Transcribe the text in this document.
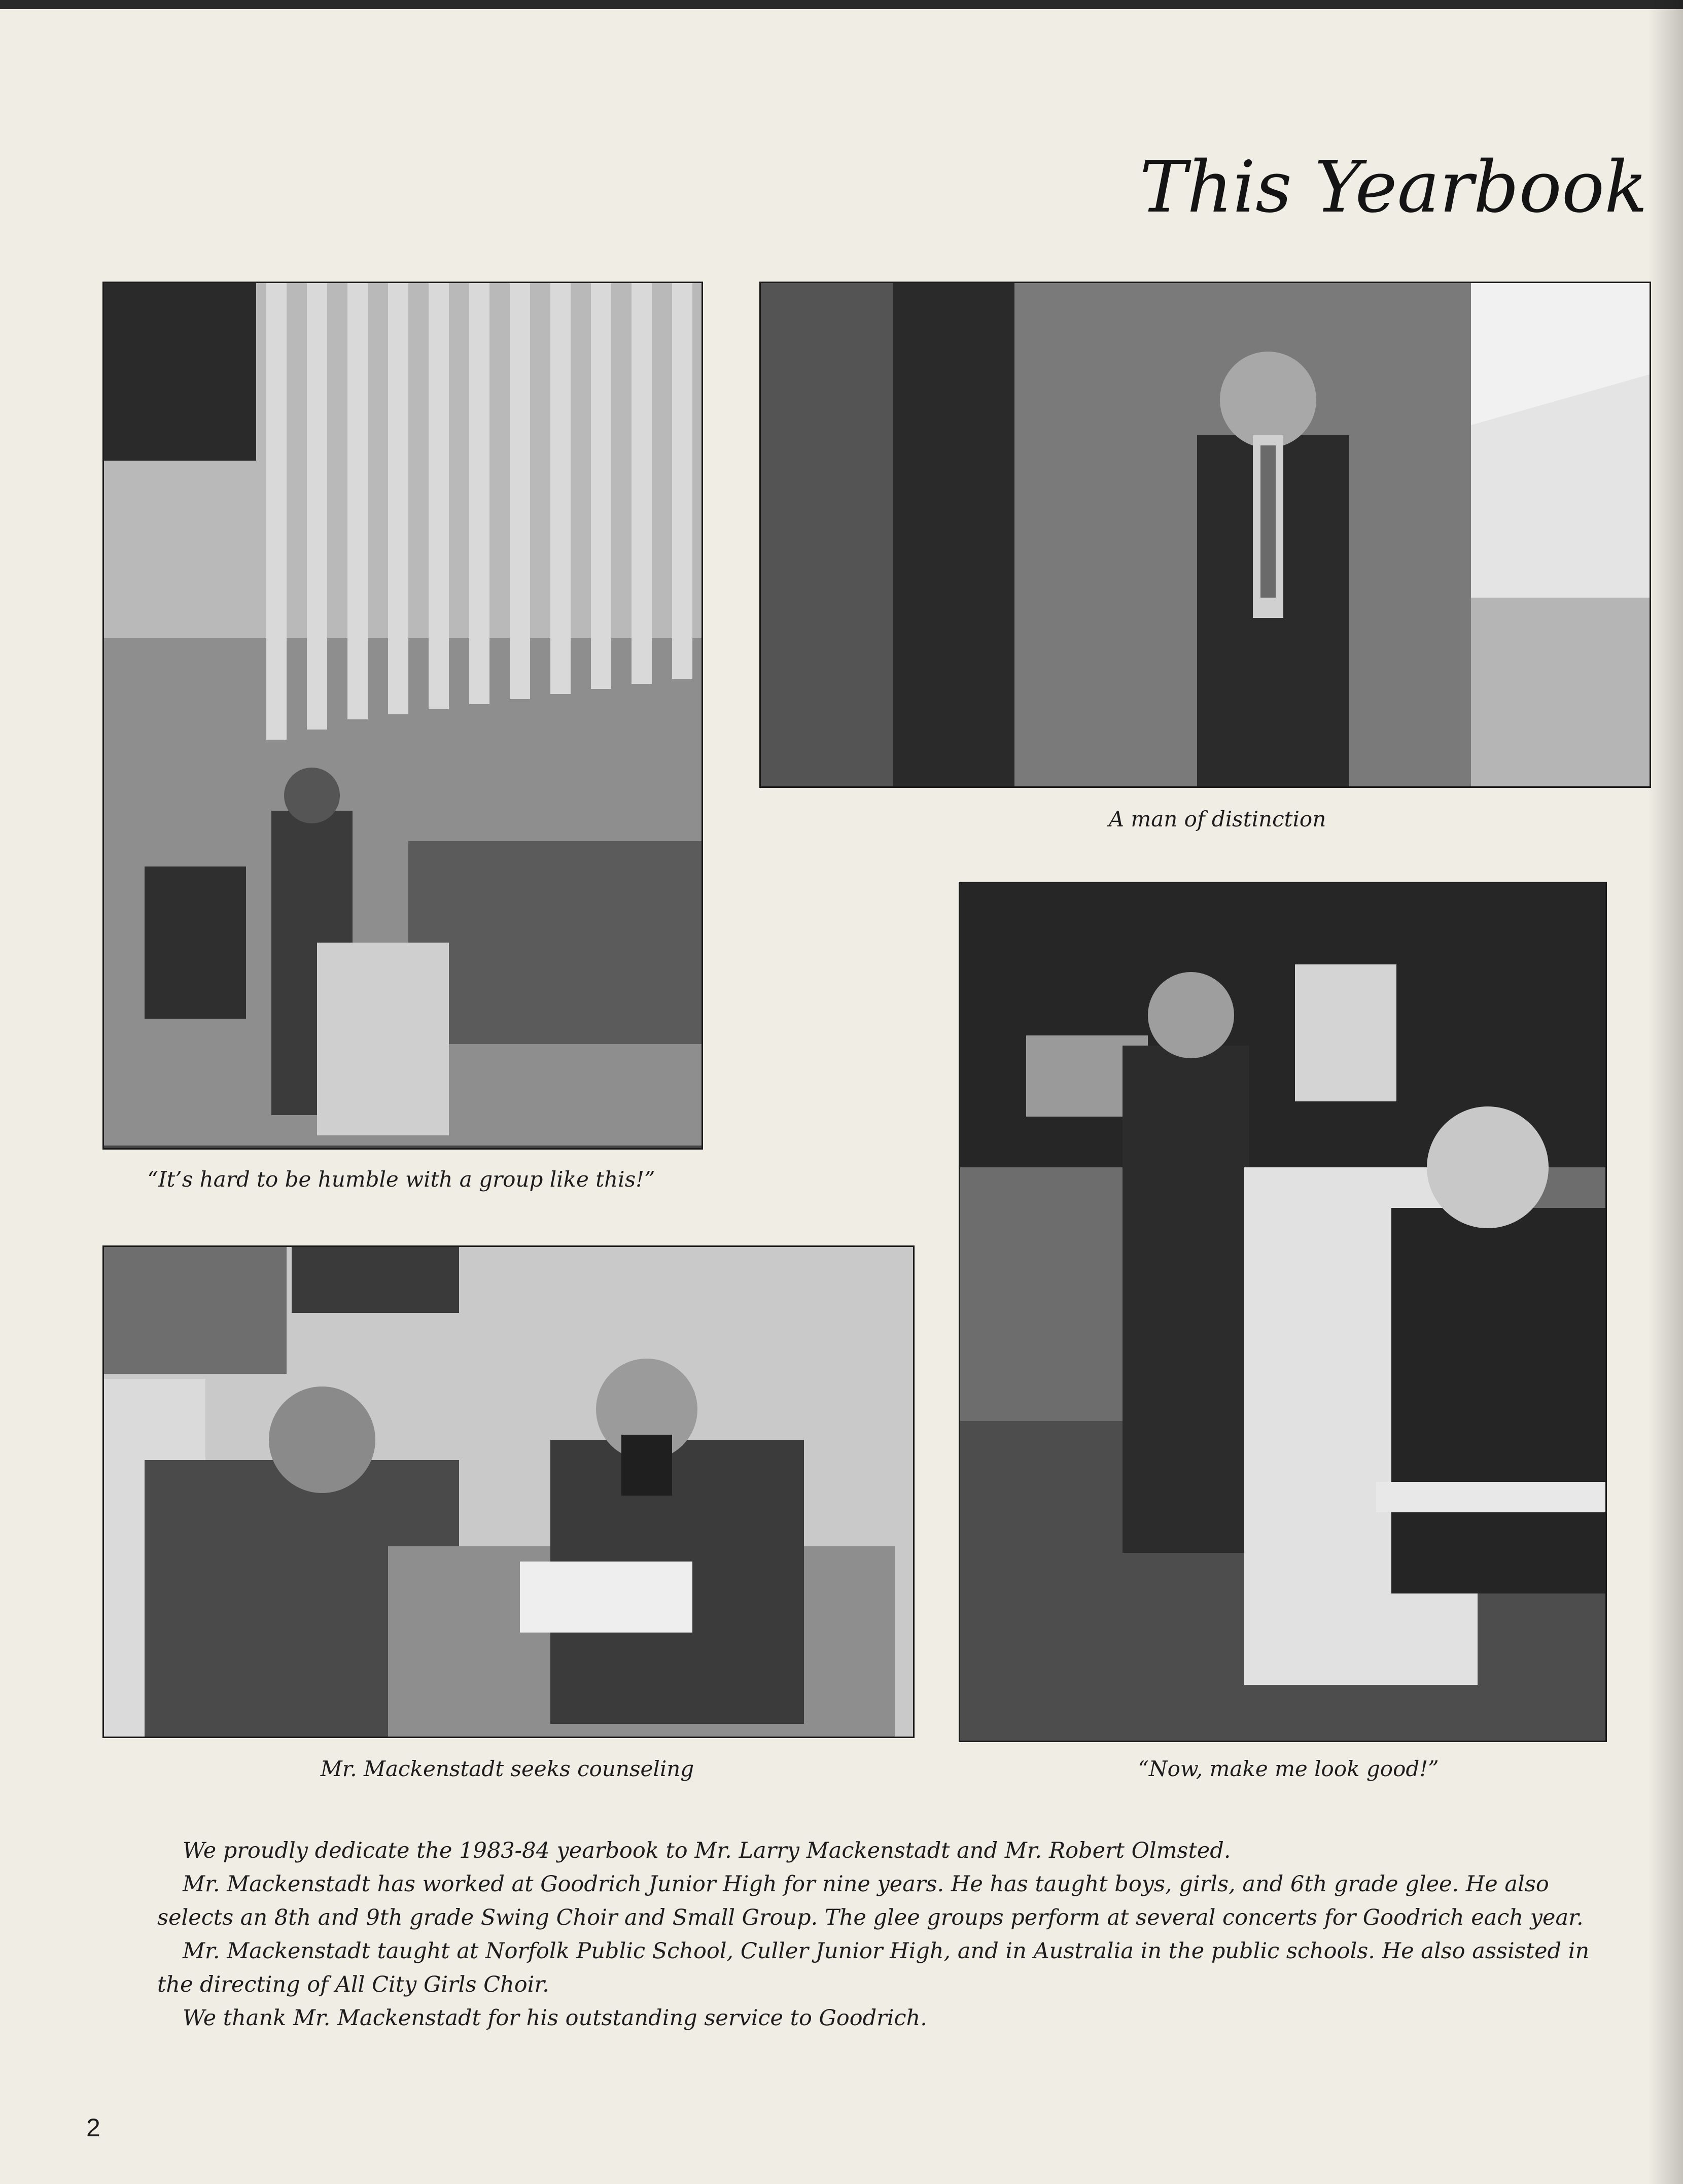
This Yearbook
“It’s hard to be humble with a group like this!”
A man of distinction
Mr. Mackenstadt seeks counseling	“Now, make me look good!”

We proudly dedicate the 1983-84 yearbook to Mr. Larry Mackenstadt and Mr. Robert Olmsted.

Mr. Mackenstadt has worked at Goodrich Junior High for nine years. He has taught boys, girls, and 6th grade glee. He also selects an 8th and 9th grade Swing Choir and Small Group. The glee groups perform at several concerts for Goodrich each year.

Mr. Mackenstadt taught at Norfolk Public School, Culler Junior High, and in Australia in the public schools. He also assisted in the directing of All City Girls Choir.

We thank Mr. Mackenstadt for his outstanding service to Goodrich.

2
